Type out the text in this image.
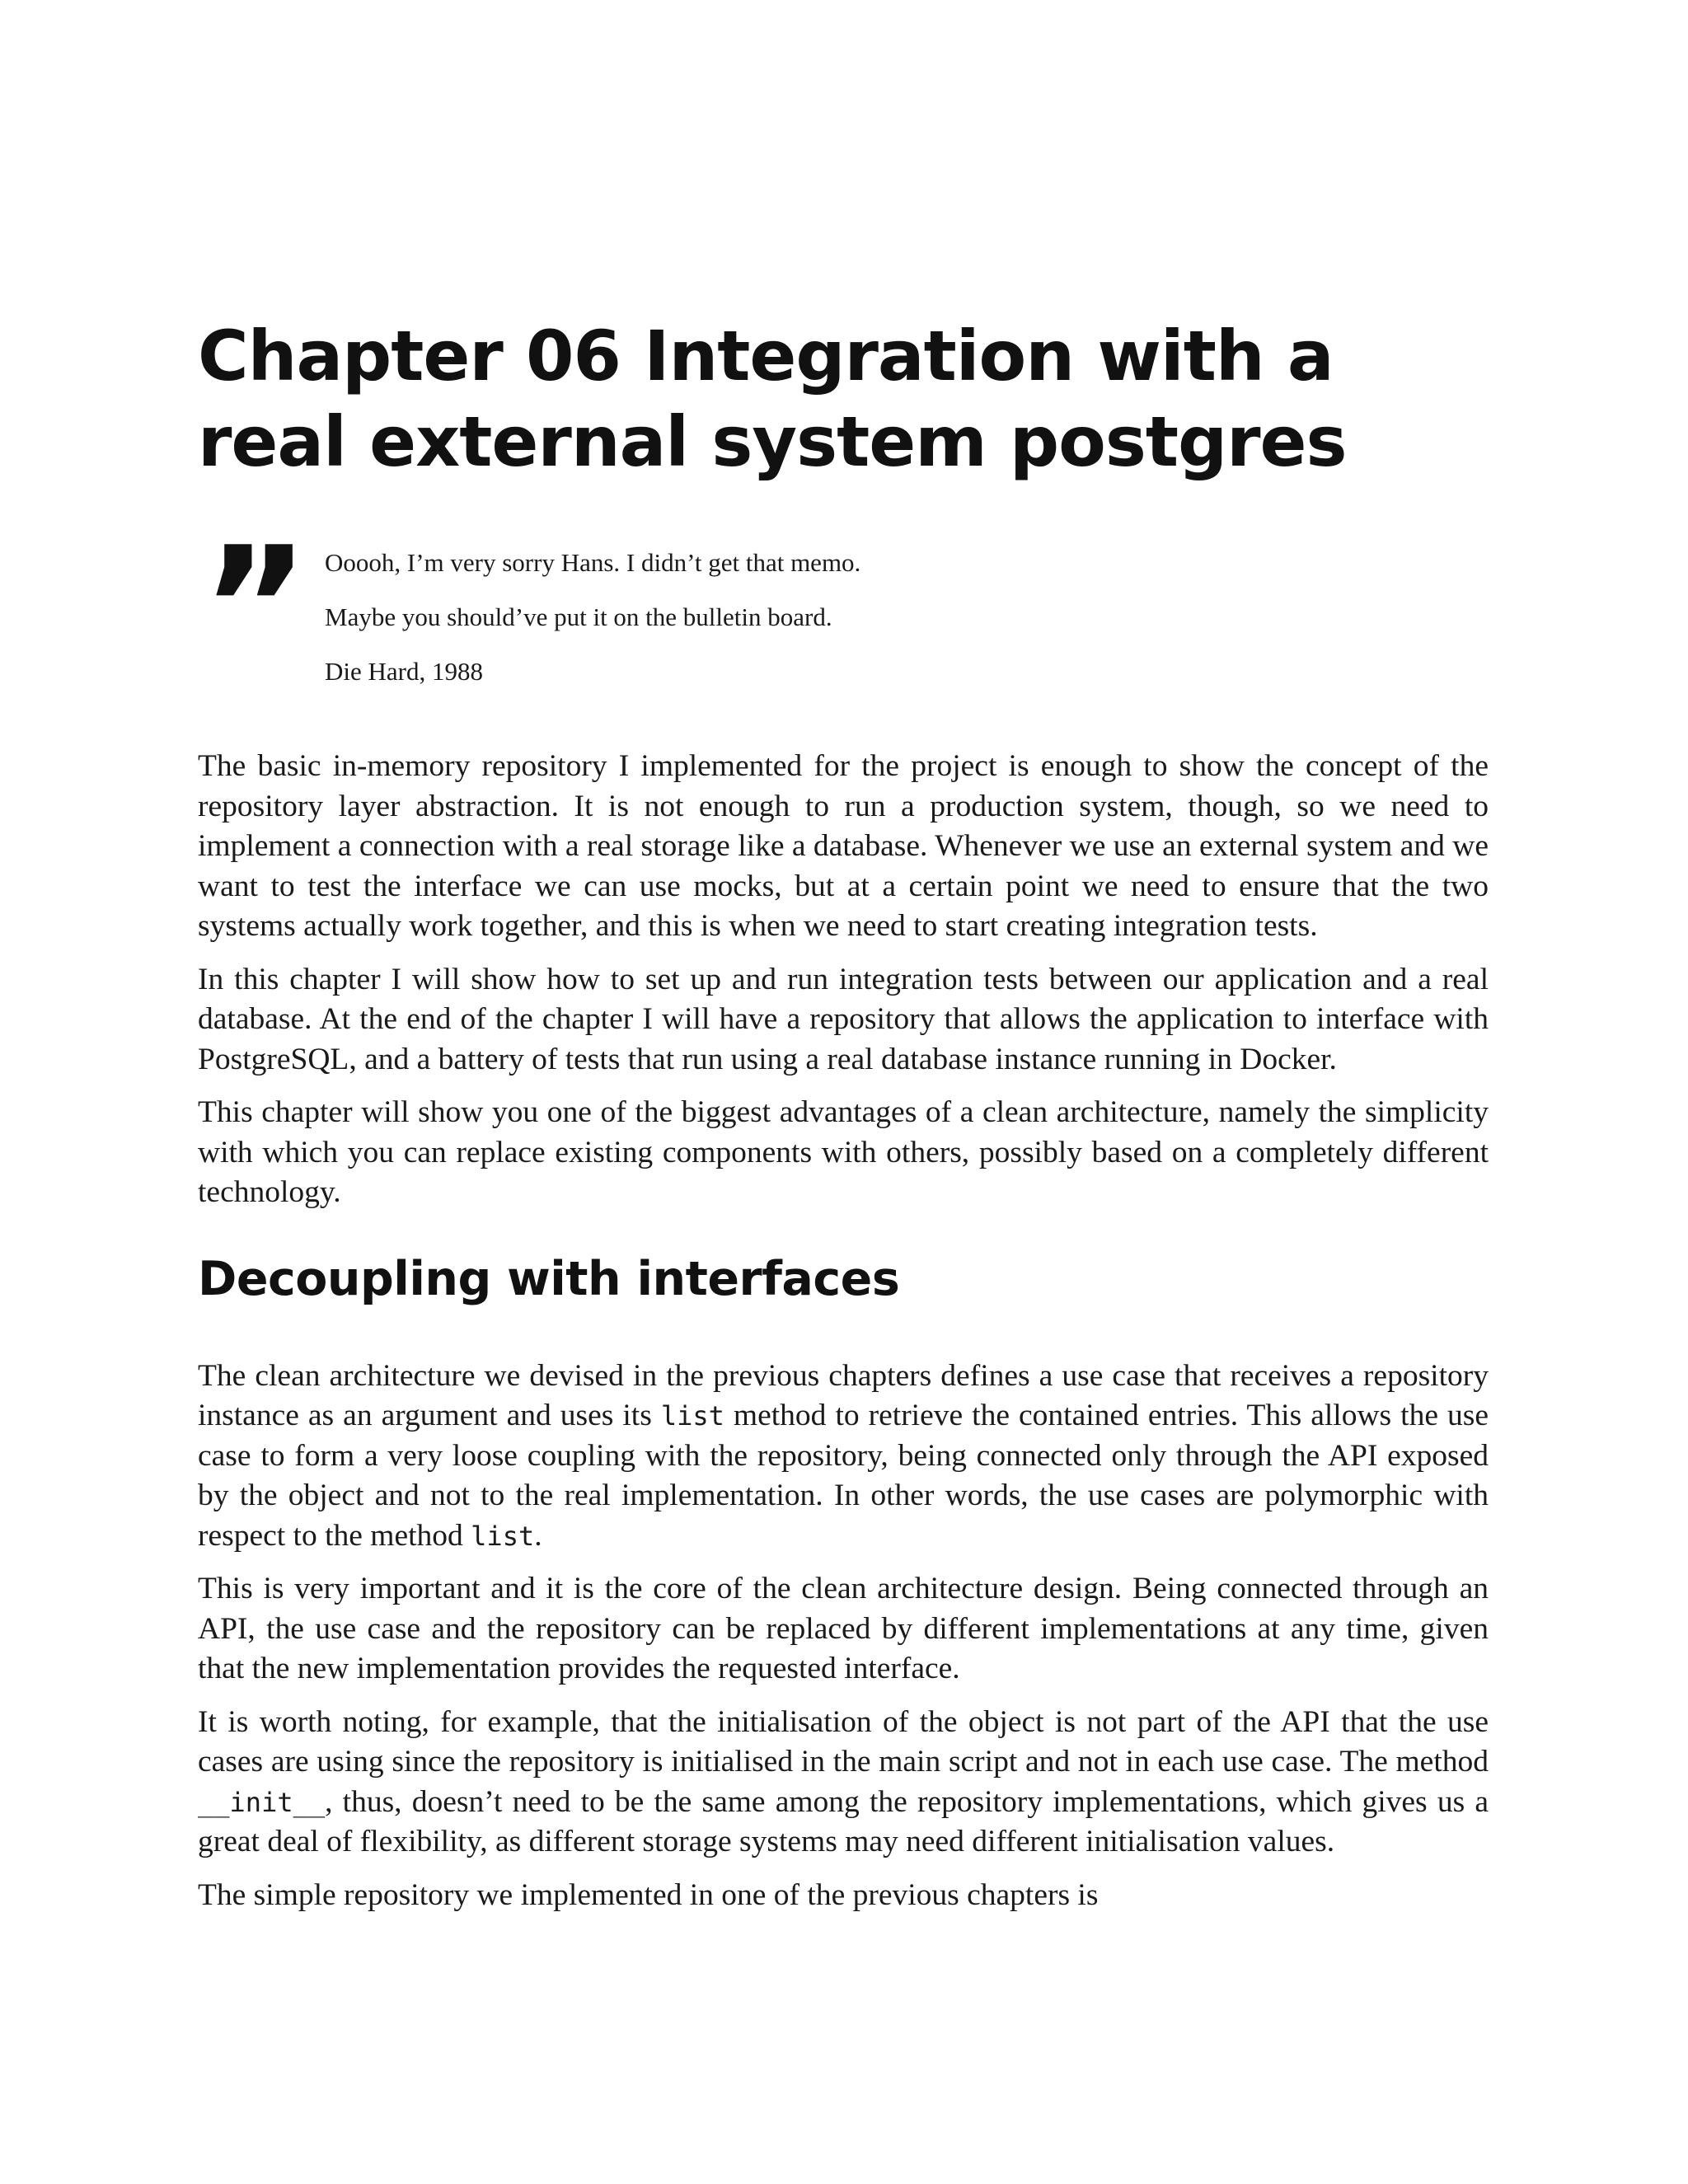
Chapter 06 Integration with a real external system postgres
” Ooooh, I’m very sorry Hans. I didn’t get that memo.

Maybe you should’ve put it on the bulletin board.

Die Hard, 1988

The basic in-memory repository I implemented for the project is enough to show the concept of the repository layer abstraction. It is not enough to run a production system, though, so we need to implement a connection with a real storage like a database. Whenever we use an external system and we want to test the interface we can use mocks, but at a certain point we need to ensure that the two systems actually work together, and this is when we need to start creating integration tests.

In this chapter I will show how to set up and run integration tests between our application and a real database. At the end of the chapter I will have a repository that allows the application to interface with PostgreSQL, and a battery of tests that run using a real database instance running in Docker.

This chapter will show you one of the biggest advantages of a clean architecture, namely the simplicity with which you can replace existing components with others, possibly based on a completely different technology.

Decoupling with interfaces

The clean architecture we devised in the previous chapters defines a use case that receives a repository instance as an argument and uses its list method to retrieve the contained entries. This allows the use case to form a very loose coupling with the repository, being connected only through the API exposed by the object and not to the real implementation. In other words, the use cases are polymorphic with respect to the method list.

This is very important and it is the core of the clean architecture design. Being connected through an API, the use case and the repository can be replaced by different implementations at any time, given that the new implementation provides the requested interface.

It is worth noting, for example, that the initialisation of the object is not part of the API that the use cases are using since the repository is initialised in the main script and not in each use case. The method __init__, thus, doesn’t need to be the same among the repository implementations, which gives us a great deal of flexibility, as different storage systems may need different initialisation values.

The simple repository we implemented in one of the previous chapters is
